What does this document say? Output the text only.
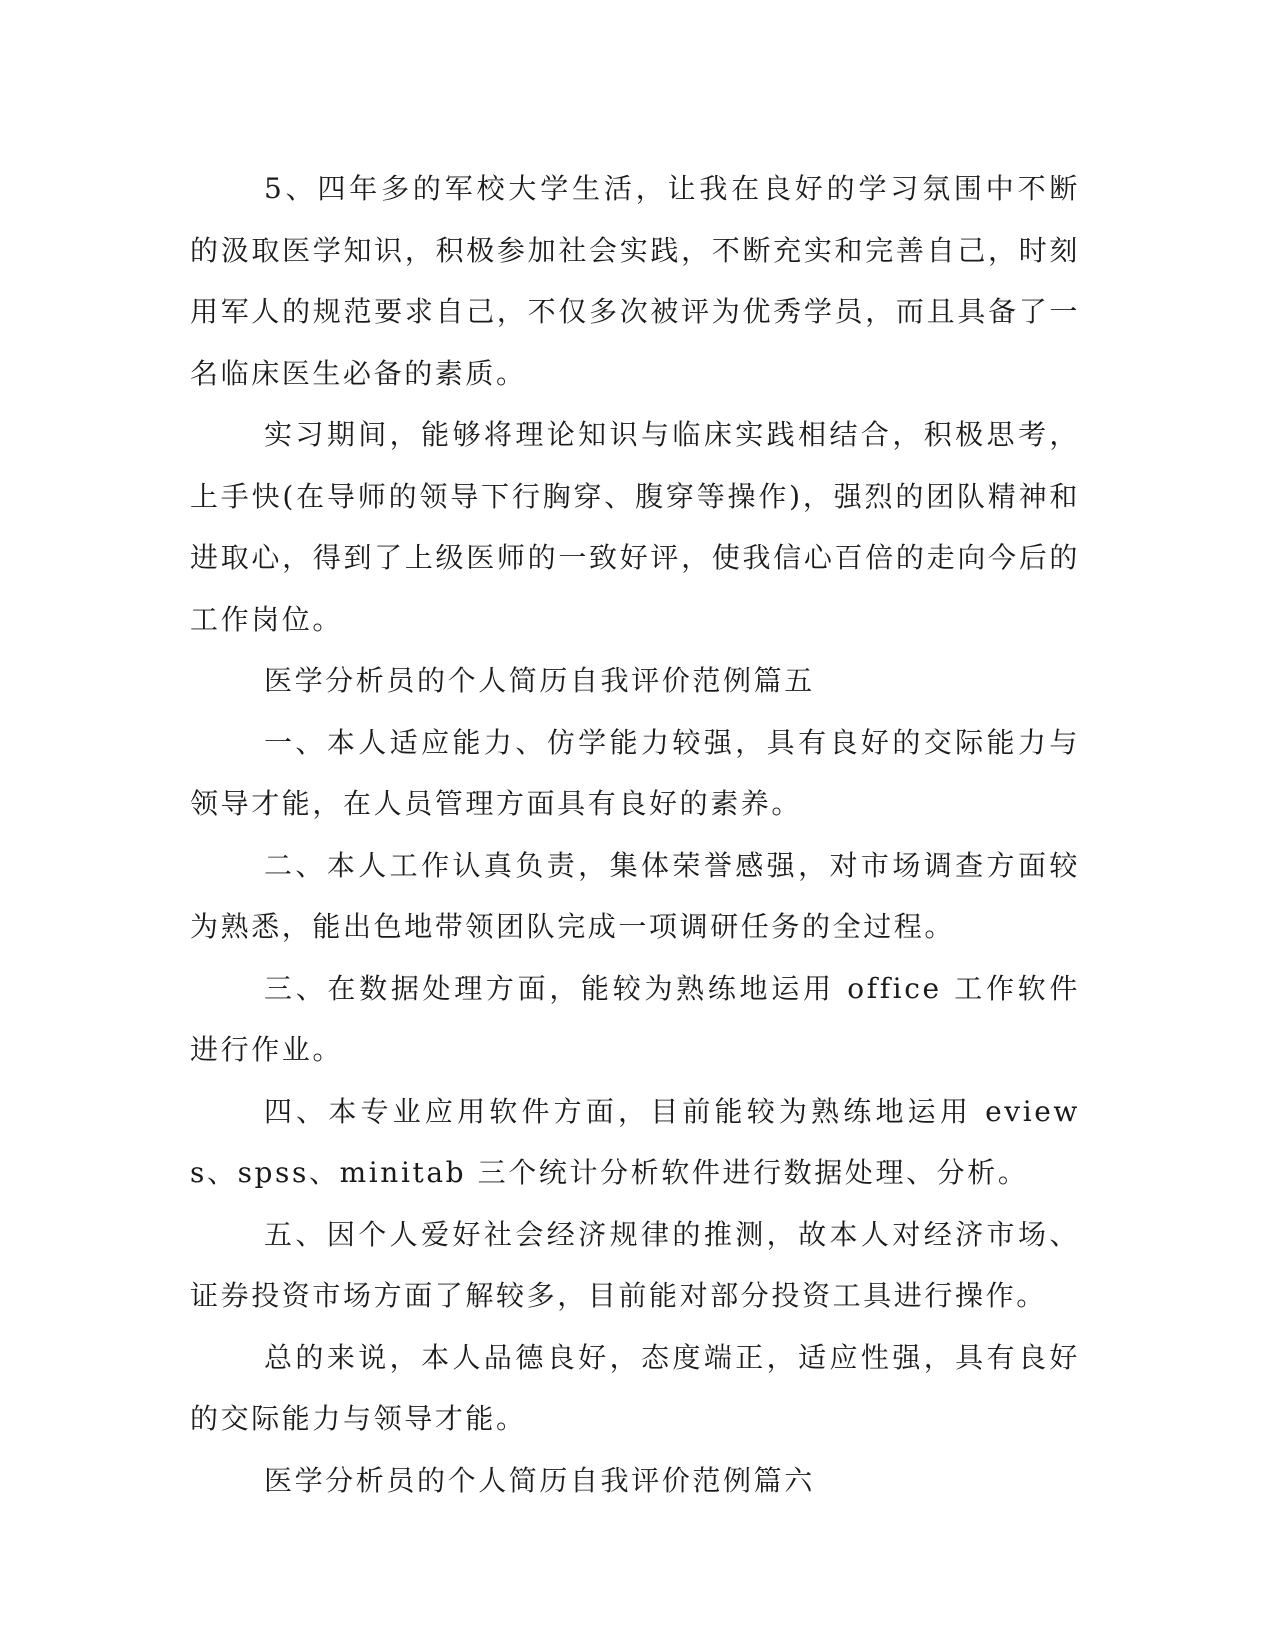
5、四年多的军校大学生活，让我在良好的学习氛围中不断的汲取医学知识，积极参加社会实践，不断充实和完善自己，时刻用军人的规范要求自己，不仅多次被评为优秀学员，而且具备了一名临床医生必备的素质。

实习期间，能够将理论知识与临床实践相结合，积极思考，上手快(在导师的领导下行胸穿、腹穿等操作)，强烈的团队精神和进取心，得到了上级医师的一致好评，使我信心百倍的走向今后的工作岗位。

医学分析员的个人简历自我评价范例篇五

一、本人适应能力、仿学能力较强，具有良好的交际能力与领导才能，在人员管理方面具有良好的素养。

二、本人工作认真负责，集体荣誉感强，对市场调查方面较为熟悉，能出色地带领团队完成一项调研任务的全过程。

三、在数据处理方面，能较为熟练地运用 office 工作软件进行作业。

四、本专业应用软件方面，目前能较为熟练地运用 eviews、spss、minitab 三个统计分析软件进行数据处理、分析。

五、因个人爱好社会经济规律的推测，故本人对经济市场、证券投资市场方面了解较多，目前能对部分投资工具进行操作。

总的来说，本人品德良好，态度端正，适应性强，具有良好的交际能力与领导才能。

医学分析员的个人简历自我评价范例篇六
